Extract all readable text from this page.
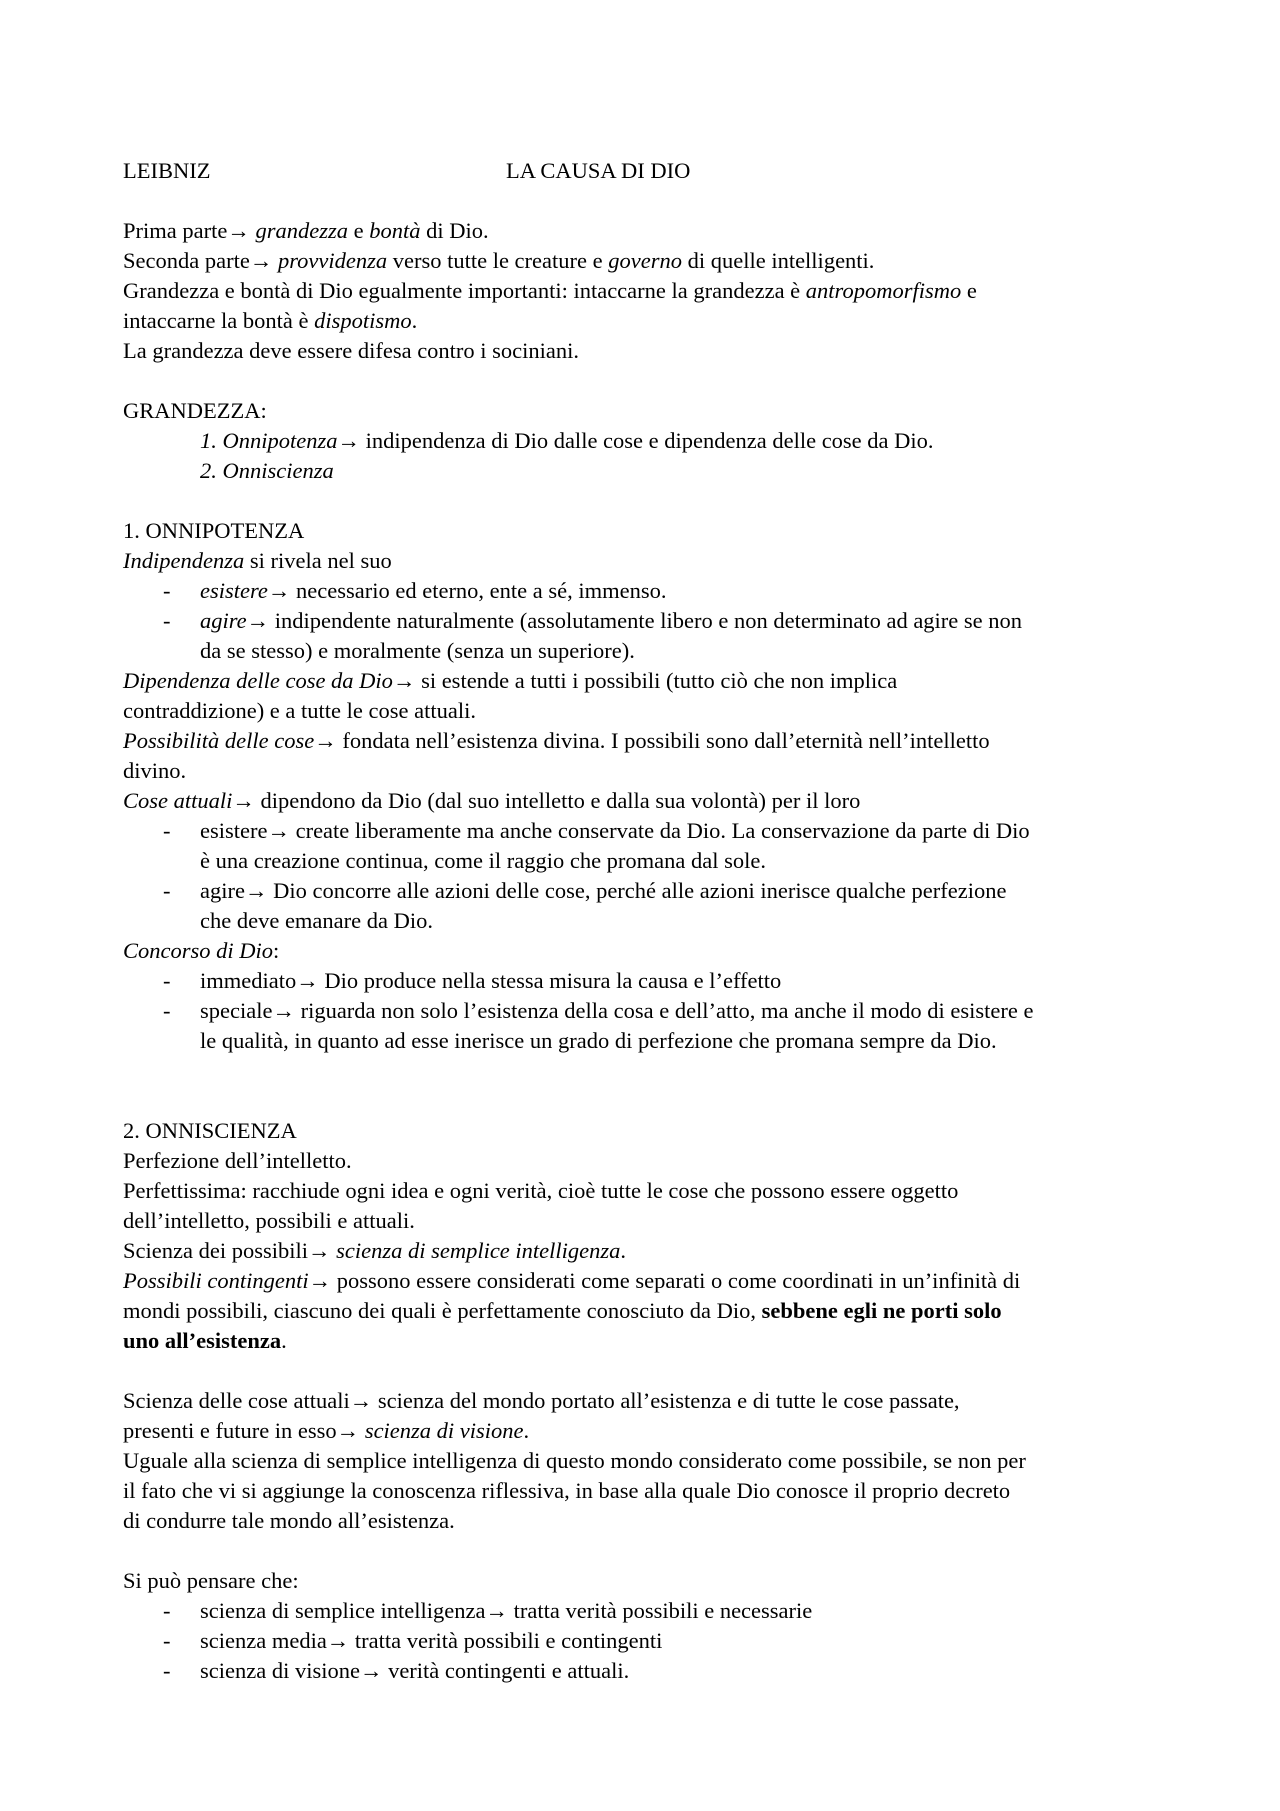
LEIBNIZ	LA CAUSA DI DIO
Prima parte→ grandezza e bontà di Dio.
Seconda parte→ provvidenza verso tutte le creature e governo di quelle intelligenti.
Grandezza e bontà di Dio egualmente importanti: intaccarne la grandezza è antropomorfismo e
intaccarne la bontà è dispotismo.
La grandezza deve essere difesa contro i sociniani.
GRANDEZZA:
1. Onnipotenza→ indipendenza di Dio dalle cose e dipendenza delle cose da Dio.
2. Onniscienza
1. ONNIPOTENZA
Indipendenza si rivela nel suo
- esistere→ necessario ed eterno, ente a sé, immenso.
- agire→ indipendente naturalmente (assolutamente libero e non determinato ad agire se non
da se stesso) e moralmente (senza un superiore).
Dipendenza delle cose da Dio→ si estende a tutti i possibili (tutto ciò che non implica
contraddizione) e a tutte le cose attuali.
Possibilità delle cose→ fondata nell’esistenza divina. I possibili sono dall’eternità nell’intelletto
divino.
Cose attuali→ dipendono da Dio (dal suo intelletto e dalla sua volontà) per il loro
- esistere→ create liberamente ma anche conservate da Dio. La conservazione da parte di Dio
è una creazione continua, come il raggio che promana dal sole.
- agire→ Dio concorre alle azioni delle cose, perché alle azioni inerisce qualche perfezione
che deve emanare da Dio.
Concorso di Dio:
- immediato→ Dio produce nella stessa misura la causa e l’effetto
- speciale→ riguarda non solo l’esistenza della cosa e dell’atto, ma anche il modo di esistere e
le qualità, in quanto ad esse inerisce un grado di perfezione che promana sempre da Dio.
2. ONNISCIENZA
Perfezione dell’intelletto.
Perfettissima: racchiude ogni idea e ogni verità, cioè tutte le cose che possono essere oggetto
dell’intelletto, possibili e attuali.
Scienza dei possibili→ scienza di semplice intelligenza.
Possibili contingenti→ possono essere considerati come separati o come coordinati in un’infinità di
mondi possibili, ciascuno dei quali è perfettamente conosciuto da Dio, sebbene egli ne porti solo
uno all’esistenza.
Scienza delle cose attuali→ scienza del mondo portato all’esistenza e di tutte le cose passate,
presenti e future in esso→ scienza di visione.
Uguale alla scienza di semplice intelligenza di questo mondo considerato come possibile, se non per
il fato che vi si aggiunge la conoscenza riflessiva, in base alla quale Dio conosce il proprio decreto
di condurre tale mondo all’esistenza.
Si può pensare che:
- scienza di semplice intelligenza→ tratta verità possibili e necessarie
- scienza media→ tratta verità possibili e contingenti
- scienza di visione→ verità contingenti e attuali.
